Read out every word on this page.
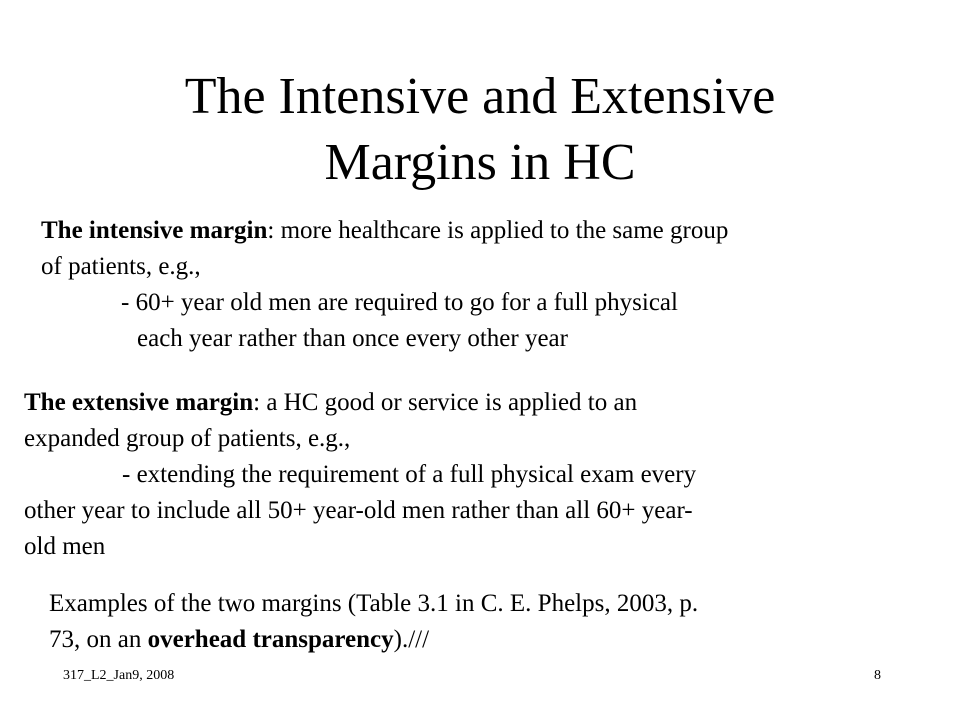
The Intensive and Extensive
Margins in HC
The intensive margin: more healthcare is applied to the same group
of patients, e.g.,
- 60+ year old men are required to go for a full physical
each year rather than once every other year
The extensive margin: a HC good or service is applied to an
expanded group of patients, e.g.,
- extending the requirement of a full physical exam every
other year to include all 50+ year-old men rather than all 60+ year-
old men
Examples of the two margins (Table 3.1 in C. E. Phelps, 2003, p.
73, on an overhead transparency).///
317_L2_Jan9, 2008	8
